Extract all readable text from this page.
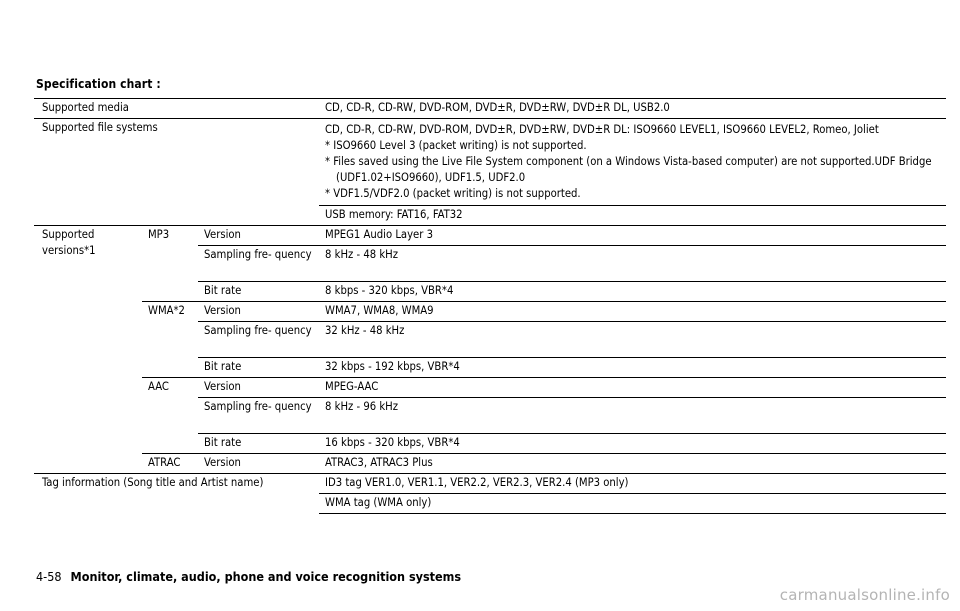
Specification chart :
Supported media			CD, CD-R, CD-RW, DVD-ROM, DVD±R, DVD±RW, DVD±R DL, USB2.0
Supported file systems			CD, CD-R, CD-RW, DVD-ROM, DVD±R, DVD±RW, DVD±R DL: ISO9660 LEVEL1, ISO9660 LEVEL2, Romeo, Joliet
* ISO9660 Level 3 (packet writing) is not supported.
* Files saved using the Live File System component (on a Windows Vista-based computer) are not supported.UDF Bridge (UDF1.02+ISO9660), UDF1.5, UDF2.0
* VDF1.5/VDF2.0 (packet writing) is not supported.

			USB memory: FAT16, FAT32
Supported versions*1	MP3	Version	MPEG1 Audio Layer 3
		Sampling fre- quency	8 kHz - 48 kHz
		Bit rate	8 kbps - 320 kbps, VBR*4
	WMA*2	Version	WMA7, WMA8, WMA9
		Sampling fre- quency	32 kHz - 48 kHz
		Bit rate	32 kbps - 192 kbps, VBR*4
	AAC	Version	MPEG-AAC
		Sampling fre- quency	8 kHz - 96 kHz
		Bit rate	16 kbps - 320 kbps, VBR*4
	ATRAC	Version	ATRAC3, ATRAC3 Plus
Tag information (Song title and Artist name)			ID3 tag VER1.0, VER1.1, VER2.2, VER2.3, VER2.4 (MP3 only)
			WMA tag (WMA only)
4-58 Monitor, climate, audio, phone and voice recognition systems
carmanualsonline.info
